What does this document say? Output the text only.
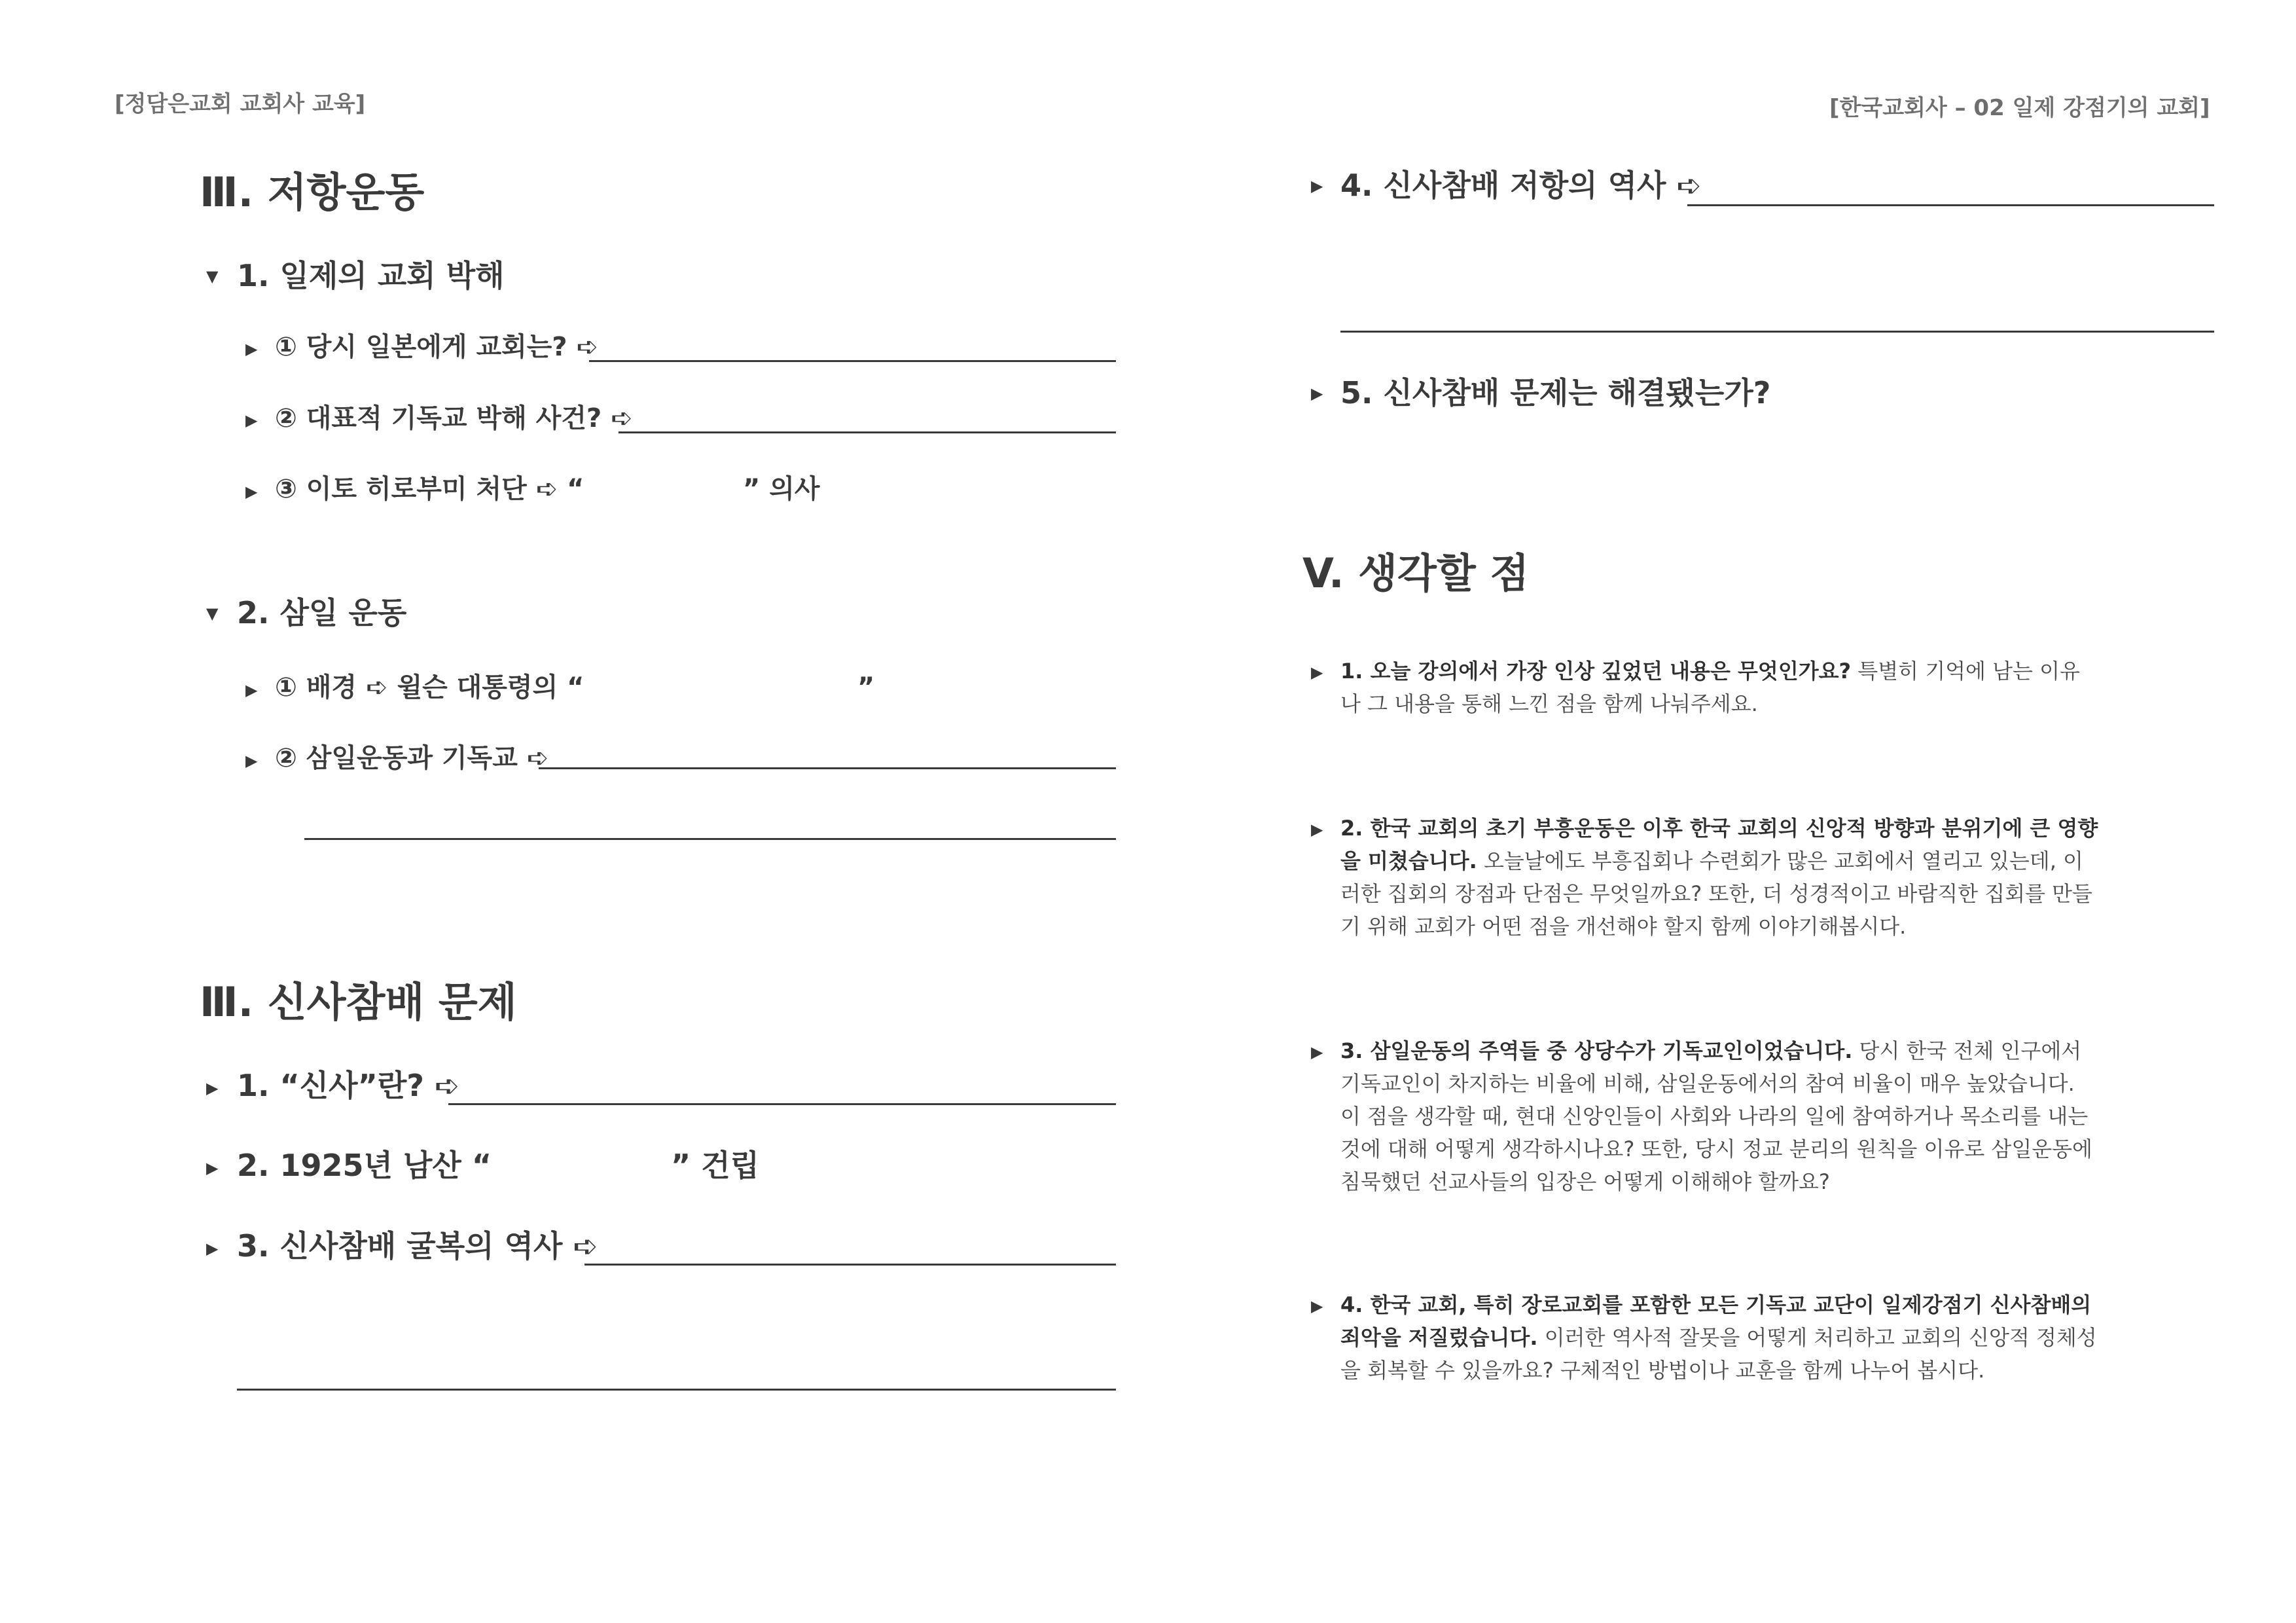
[정담은교회 교회사 교육]	[한국교회사 – 02 일제 강점기의 교회]
Ⅲ. 저항운동
▼ 1. 일제의 교회 박해
▶ ① 당시 일본에게 교회는? ➪
▶ ② 대표적 기독교 박해 사건? ➪
▶ ③ 이토 히로부미 처단 ➪ “	” 의사
▼ 2. 삼일 운동
▶ ① 배경 ➪ 윌슨 대통령의 “	”
▶ ② 삼일운동과 기독교 ➪
Ⅲ. 신사참배 문제
▶ 1. “신사”란? ➪
▶ 2. 1925년 남산 “	” 건립
▶ 3. 신사참배 굴복의 역사 ➪
▶ 4. 신사참배 저항의 역사 ➪
▶ 5. 신사참배 문제는 해결됐는가?
V. 생각할 점
▶ 1. 오늘 강의에서 가장 인상 깊었던 내용은 무엇인가요? 특별히 기억에 남는 이유나 그 내용을 통해 느낀 점을 함께 나눠주세요.
▶ 2. 한국 교회의 초기 부흥운동은 이후 한국 교회의 신앙적 방향과 분위기에 큰 영향을 미쳤습니다. 오늘날에도 부흥집회나 수련회가 많은 교회에서 열리고 있는데, 이러한 집회의 장점과 단점은 무엇일까요? 또한, 더 성경적이고 바람직한 집회를 만들기 위해 교회가 어떤 점을 개선해야 할지 함께 이야기해봅시다.
▶ 3. 삼일운동의 주역들 중 상당수가 기독교인이었습니다. 당시 한국 전체 인구에서 기독교인이 차지하는 비율에 비해, 삼일운동에서의 참여 비율이 매우 높았습니다. 이 점을 생각할 때, 현대 신앙인들이 사회와 나라의 일에 참여하거나 목소리를 내는 것에 대해 어떻게 생각하시나요? 또한, 당시 정교 분리의 원칙을 이유로 삼일운동에 침묵했던 선교사들의 입장은 어떻게 이해해야 할까요?
▶ 4. 한국 교회, 특히 장로교회를 포함한 모든 기독교 교단이 일제강점기 신사참배의 죄악을 저질렀습니다. 이러한 역사적 잘못을 어떻게 처리하고 교회의 신앙적 정체성을 회복할 수 있을까요? 구체적인 방법이나 교훈을 함께 나누어 봅시다.
